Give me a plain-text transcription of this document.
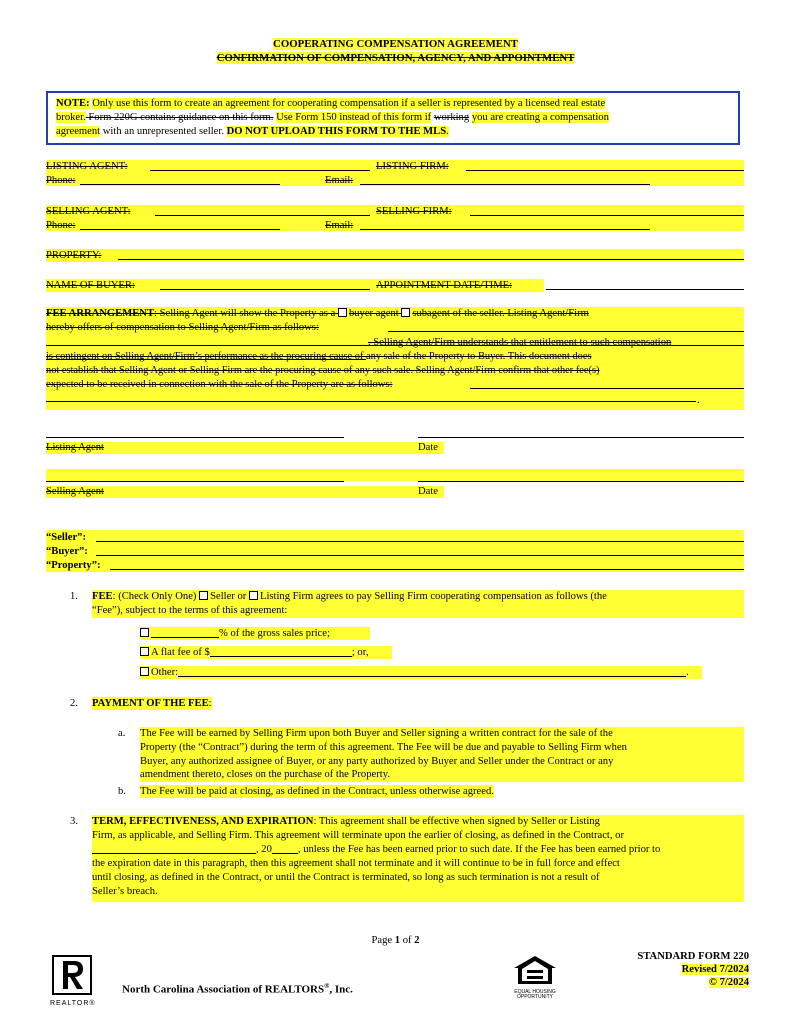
COOPERATING COMPENSATION AGREEMENT
CONFIRMATION OF COMPENSATION, AGENCY, AND APPOINTMENT
NOTE: Only use this form to create an agreement for cooperating compensation if a seller is represented by a licensed real estate
broker. Form 220G contains guidance on this form. Use Form 150 instead of this form if working you are creating a compensation
agreement with an unrepresented seller. DO NOT UPLOAD THIS FORM TO THE MLS.
LISTING AGENT:	LISTING FIRM:
Phone:	Email:
SELLING AGENT:	SELLING FIRM:
Phone:	Email:
PROPERTY:
NAME OF BUYER:	APPOINTMENT DATE/TIME:
FEE ARRANGEMENT: Selling Agent will show the Property as a buyer agent subagent of the seller. Listing Agent/Firm
hereby offers of compensation to Selling Agent/Firm as follows:
. Selling Agent/Firm understands that entitlement to such compensation
is contingent on Selling Agent/Firm’s performance as the procuring cause of any sale of the Property to Buyer. This document does
not establish that Selling Agent or Selling Firm are the procuring cause of any such sale. Selling Agent/Firm confirm that other fee(s)
expected to be received in connection with the sale of the Property are as follows:
.
Listing Agent	Date
Selling Agent	Date
“Seller”:
“Buyer”:
“Property”:
1. FEE: (Check Only One) Seller or Listing Firm agrees to pay Selling Firm cooperating compensation as follows (the
“Fee”), subject to the terms of this agreement:
% of the gross sales price;
A flat fee of $	; or,
Other:	.
2. PAYMENT OF THE FEE:
a. The Fee will be earned by Selling Firm upon both Buyer and Seller signing a written contract for the sale of the
Property (the “Contract”) during the term of this agreement. The Fee will be due and payable to Selling Firm when
Buyer, any authorized assignee of Buyer, or any party authorized by Buyer and Seller under the Contract or any
amendment thereto, closes on the purchase of the Property.
b. The Fee will be paid at closing, as defined in the Contract, unless otherwise agreed.
3. TERM, EFFECTIVENESS, AND EXPIRATION: This agreement shall be effective when signed by Seller or Listing
Firm, as applicable, and Selling Firm. This agreement will terminate upon the earlier of closing, as defined in the Contract, or
, 20 , unless the Fee has been earned prior to such date. If the Fee has been earned prior to
the expiration date in this paragraph, then this agreement shall not terminate and it will continue to be in full force and effect
until closing, as defined in the Contract, or until the Contract is terminated, so long as such termination is not a result of
Seller’s breach.
Page 1 of 2
REALTOR®
North Carolina Association of REALTORS®, Inc.	EQUAL HOUSING OPPORTUNITY
STANDARD FORM 220
Revised 7/2024
© 7/2024
